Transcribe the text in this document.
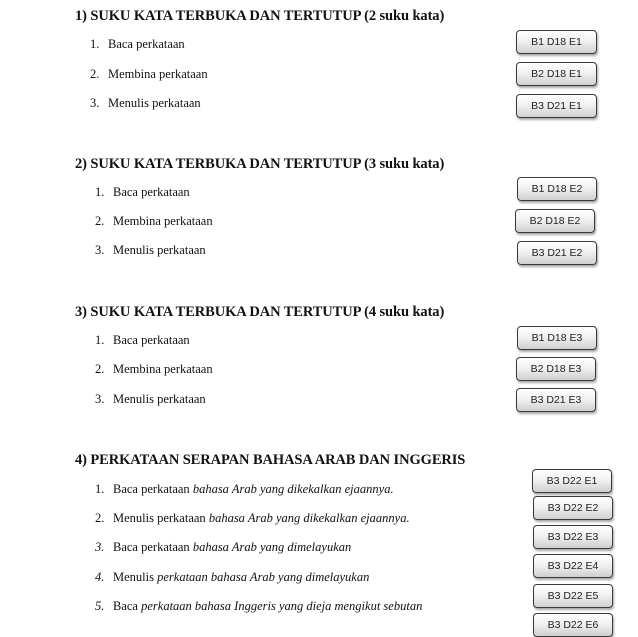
1) SUKU KATA TERBUKA DAN TERTUTUP (2 suku kata)
1. Baca perkataan
2. Membina perkataan
3. Menulis perkataan
B1 D18 E1
B2 D18 E1
B3 D21 E1
2) SUKU KATA TERBUKA DAN TERTUTUP (3 suku kata)
1. Baca perkataan
2. Membina perkataan
3. Menulis perkataan
B1 D18 E2
B2 D18 E2
B3 D21 E2
3) SUKU KATA TERBUKA DAN TERTUTUP (4 suku kata)
1. Baca perkataan
2. Membina perkataan
3. Menulis perkataan
B1 D18 E3
B2 D18 E3
B3 D21 E3
4) PERKATAAN SERAPAN BAHASA ARAB DAN INGGERIS
1. Baca perkataan bahasa Arab yang dikekalkan ejaannya.
2. Menulis perkataan bahasa Arab yang dikekalkan ejaannya.
3. Baca perkataan bahasa Arab yang dimelayukan
4. Menulis perkataan bahasa Arab yang dimelayukan
5. Baca perkataan bahasa Inggeris yang dieja mengikut sebutan
B3 D22 E1
B3 D22 E2
B3 D22 E3
B3 D22 E4
B3 D22 E5
B3 D22 E6
